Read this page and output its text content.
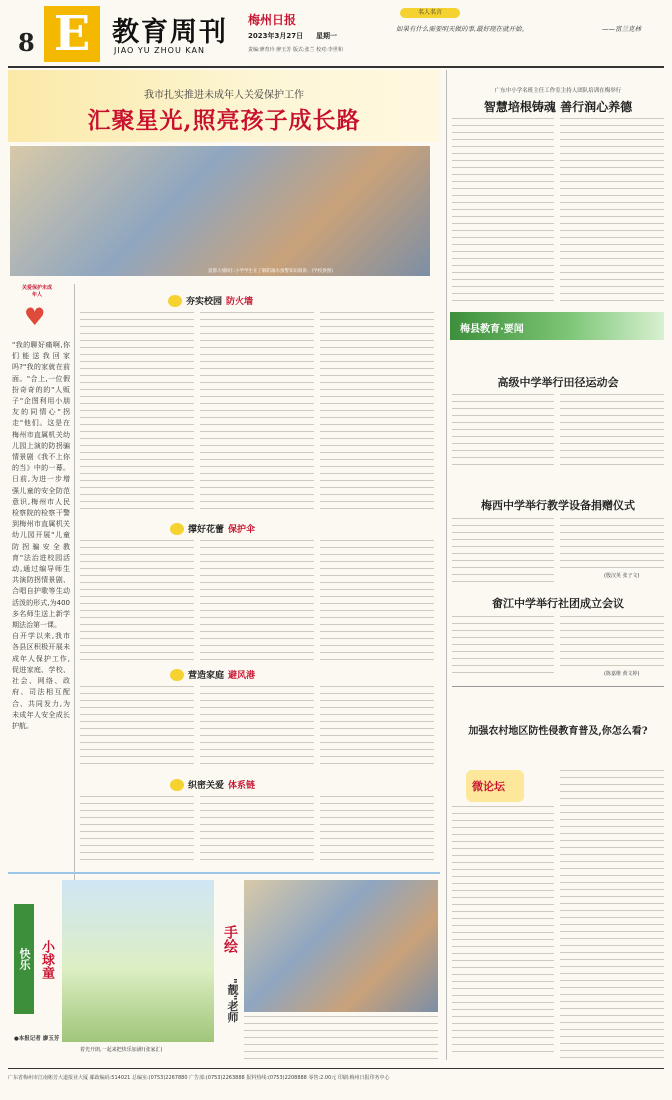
8 E 教育周刊
JIAO YU ZHOU KAN
梅州日报
2023年3月27日 星期一
责编:廖育玲 廖玉芳 版式:张兰 校对:李世和
名人名言
如果有什么需要明天做的事,最好现在就开始。	——富兰克林
我市扎实推进未成年人关爱保护工作
汇聚星光,照亮孩子成长路
富都大埔同仁小学学生在了解防溺水预警知识演讲。(学校供图)
关爱保护未成年人
♥
"我的聊好痛啊,你们能送我回家吗?"我的家就在前面。"合上,一位假扮奇奇的的"人贩子"企图利用小朋友的同情心"拐走"他们。这是在梅州市直属机关幼儿园上演的防拐骗情景剧《我不上你的当》中的一幕。日前,为进一步增强儿童的安全防范意识,梅州市人民检察院的检察干警到梅州市直属机关幼儿园开展"儿童防拐骗安全教育"法治进校园活动,通过编导师生共演防拐情景剧、合唱自护歌等生动活泼的形式,为400多名师生送上新学期法治第一课。
自开学以来,我市各县区积极开展未成年人保护工作,促进家庭、学校、社会、网络、政府、司法相互配合、共同发力,为未成年人安全成长护航。
●本报记者 廖玉芳
夯实校园 防火墙
撑好花蕾 保护伞
营造家庭 避风港
织密关爱 体系链
快乐 小球童
着光开朗,一起来把快乐加满!(张家汇)
手绘
"靓"老师
广东中小学名班主任工作室主持人团队培训在梅举行
智慧培根铸魂 善行润心养德
梅县教育·要闻
高级中学举行田径运动会
梅西中学举行教学设备捐赠仪式
(殷汉英 张子文)
畲江中学举行社团成立会议
(陈嘉维 黄文婷)
加强农村地区防性侵教育普及,你怎么看?
微论坛
广东省梅州市江南彬芳大道报业大厦 邮政编码:514021 总编室:(0753)2267880 广告部:(0753)2263888 报料热线:(0753)2208888 零售:2.00元 印刷:梅州日报印务中心
